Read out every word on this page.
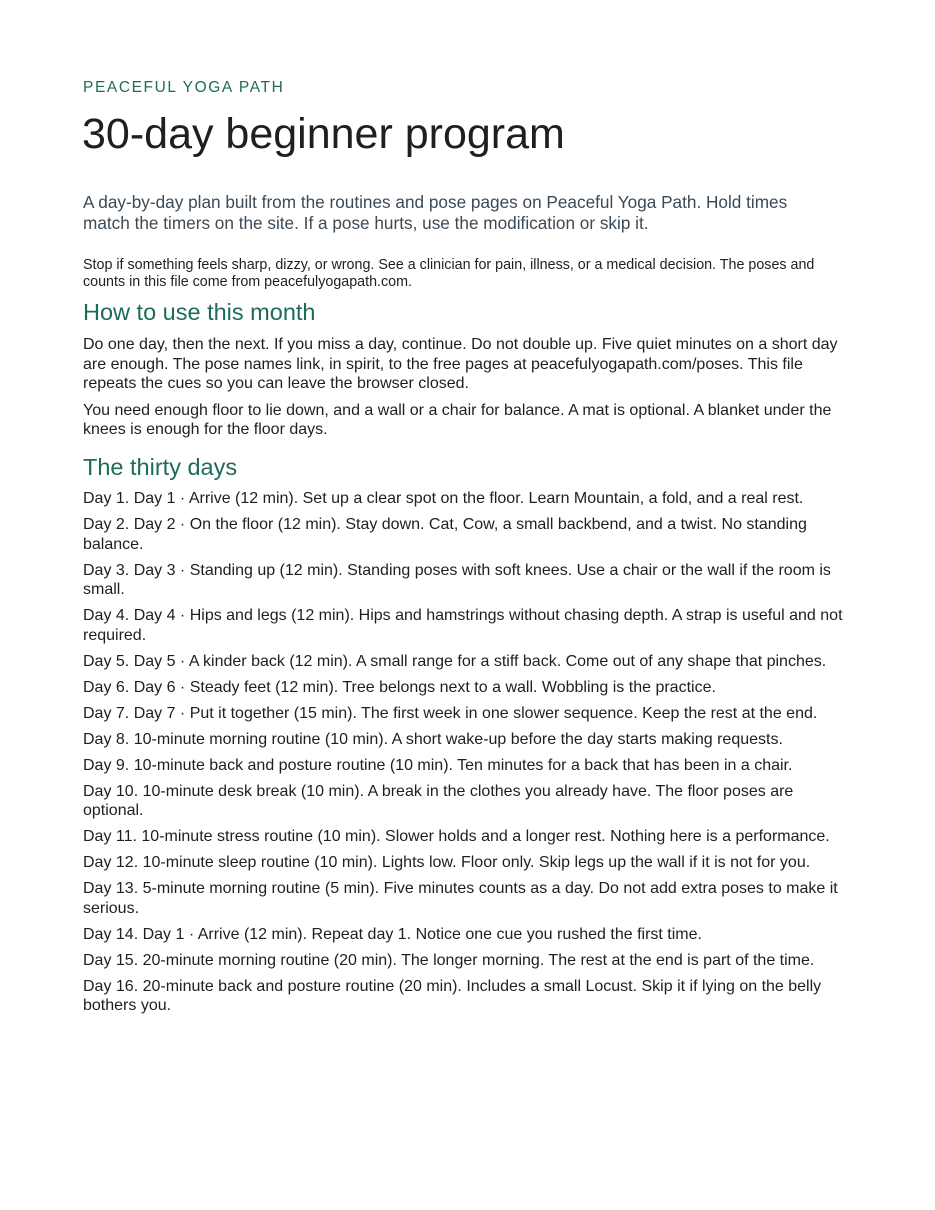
PEACEFUL YOGA PATH
30-day beginner program

A day-by-day plan built from the routines and pose pages on Peaceful Yoga Path. Hold times match the timers on the site. If a pose hurts, use the modification or skip it.

Stop if something feels sharp, dizzy, or wrong. See a clinician for pain, illness, or a medical decision. The poses and counts in this file come from peacefulyogapath.com.

How to use this month

Do one day, then the next. If you miss a day, continue. Do not double up. Five quiet minutes on a short day are enough. The pose names link, in spirit, to the free pages at peacefulyogapath.com/poses. This file repeats the cues so you can leave the browser closed.

You need enough floor to lie down, and a wall or a chair for balance. A mat is optional. A blanket under the knees is enough for the floor days.

The thirty days
Day 1. Day 1 · Arrive (12 min). Set up a clear spot on the floor. Learn Mountain, a fold, and a real rest.
Day 2. Day 2 · On the floor (12 min). Stay down. Cat, Cow, a small backbend, and a twist. No standing balance.
Day 3. Day 3 · Standing up (12 min). Standing poses with soft knees. Use a chair or the wall if the room is small.
Day 4. Day 4 · Hips and legs (12 min). Hips and hamstrings without chasing depth. A strap is useful and not required.
Day 5. Day 5 · A kinder back (12 min). A small range for a stiff back. Come out of any shape that pinches.
Day 6. Day 6 · Steady feet (12 min). Tree belongs next to a wall. Wobbling is the practice.
Day 7. Day 7 · Put it together (15 min). The first week in one slower sequence. Keep the rest at the end.
Day 8. 10-minute morning routine (10 min). A short wake-up before the day starts making requests.
Day 9. 10-minute back and posture routine (10 min). Ten minutes for a back that has been in a chair.
Day 10. 10-minute desk break (10 min). A break in the clothes you already have. The floor poses are optional.
Day 11. 10-minute stress routine (10 min). Slower holds and a longer rest. Nothing here is a performance.
Day 12. 10-minute sleep routine (10 min). Lights low. Floor only. Skip legs up the wall if it is not for you.
Day 13. 5-minute morning routine (5 min). Five minutes counts as a day. Do not add extra poses to make it serious.
Day 14. Day 1 · Arrive (12 min). Repeat day 1. Notice one cue you rushed the first time.
Day 15. 20-minute morning routine (20 min). The longer morning. The rest at the end is part of the time.
Day 16. 20-minute back and posture routine (20 min). Includes a small Locust. Skip it if lying on the belly bothers you.
